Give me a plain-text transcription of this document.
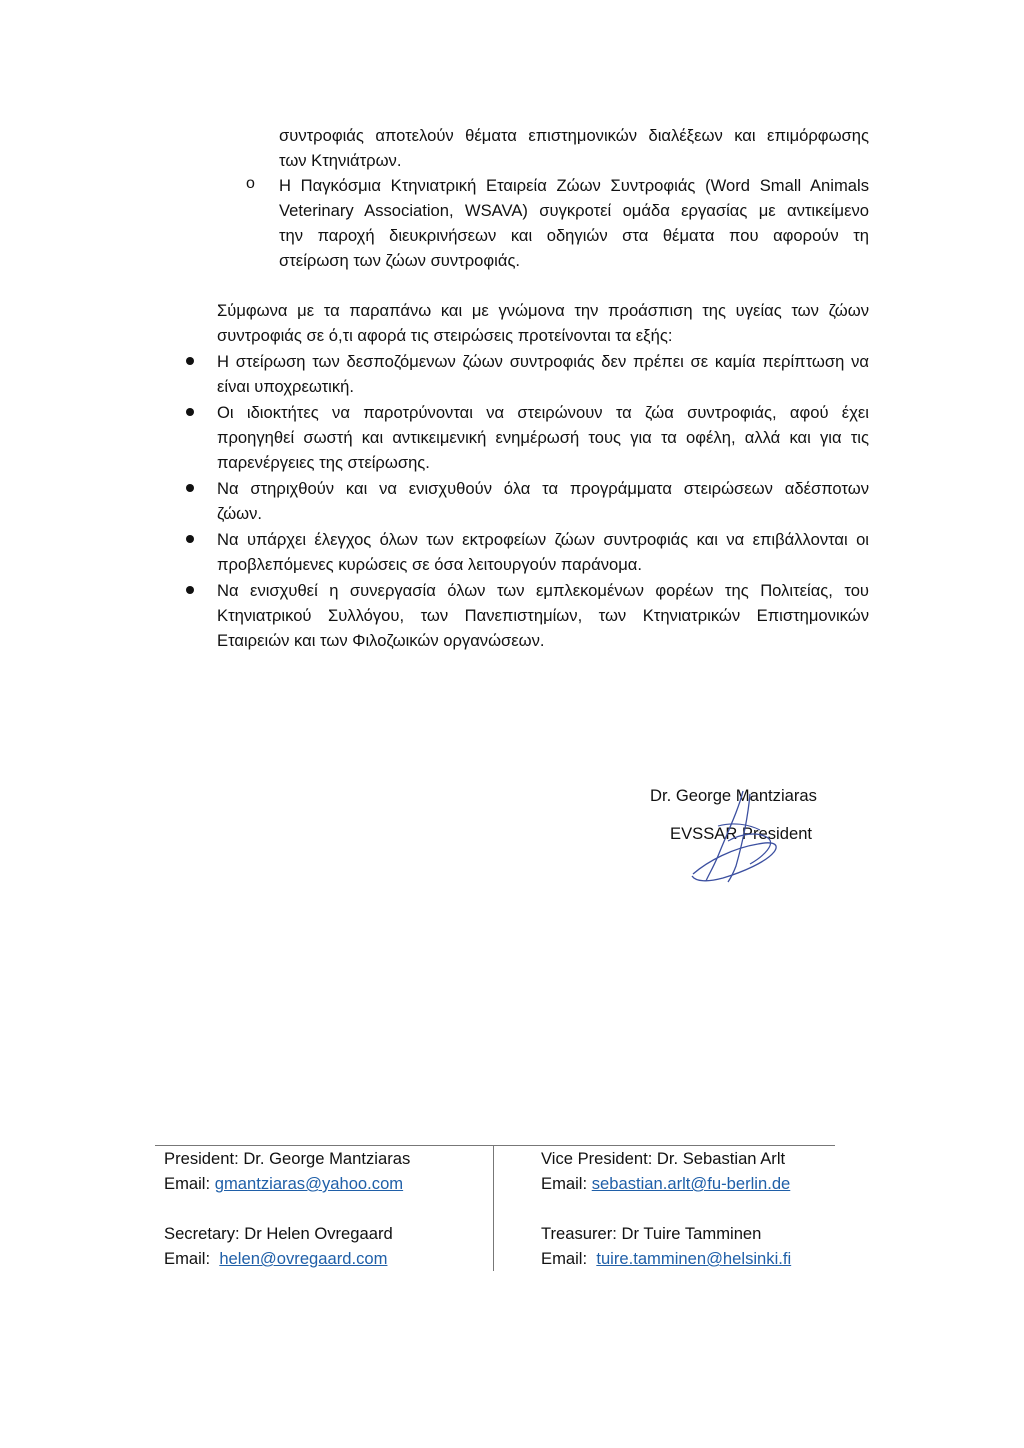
συντροφιάς αποτελούν θέματα επιστημονικών διαλέξεων και επιμόρφωσης
των Κτηνιάτρων.
o Η Παγκόσμια Κτηνιατρική Εταιρεία Ζώων Συντροφιάς (Word Small Animals
Veterinary Association, WSAVA) συγκροτεί ομάδα εργασίας με αντικείμενο
την παροχή διευκρινήσεων και οδηγιών στα θέματα που αφορούν τη
στείρωση των ζώων συντροφιάς.
Σύμφωνα με τα παραπάνω και με γνώμονα την προάσπιση της υγείας των ζώων
συντροφιάς σε ό,τι αφορά τις στειρώσεις προτείνονται τα εξής:
Η στείρωση των δεσποζόμενων ζώων συντροφιάς δεν πρέπει σε καμία περίπτωση να
είναι υποχρεωτική.
Οι ιδιοκτήτες να παροτρύνονται να στειρώνουν τα ζώα συντροφιάς, αφού έχει
προηγηθεί σωστή και αντικειμενική ενημέρωσή τους για τα οφέλη, αλλά και για τις
παρενέργειες της στείρωσης.
Να στηριχθούν και να ενισχυθούν όλα τα προγράμματα στειρώσεων αδέσποτων
ζώων.
Να υπάρχει έλεγχος όλων των εκτροφείων ζώων συντροφιάς και να επιβάλλονται οι
προβλεπόμενες κυρώσεις σε όσα λειτουργούν παράνομα.
Να ενισχυθεί η συνεργασία όλων των εμπλεκομένων φορέων της Πολιτείας, του
Κτηνιατρικού Συλλόγου, των Πανεπιστημίων, των Κτηνιατρικών Επιστημονικών
Εταιρειών και των Φιλοζωικών οργανώσεων.
Dr. George Mantziaras
EVSSAR President
President: Dr. George Mantziaras
Email: gmantziaras@yahoo.com
Vice President: Dr. Sebastian Arlt
Email: sebastian.arlt@fu-berlin.de
Secretary: Dr Helen Ovregaard
Email:  helen@ovregaard.com
Treasurer: Dr Tuire Tamminen
Email:  tuire.tamminen@helsinki.fi
